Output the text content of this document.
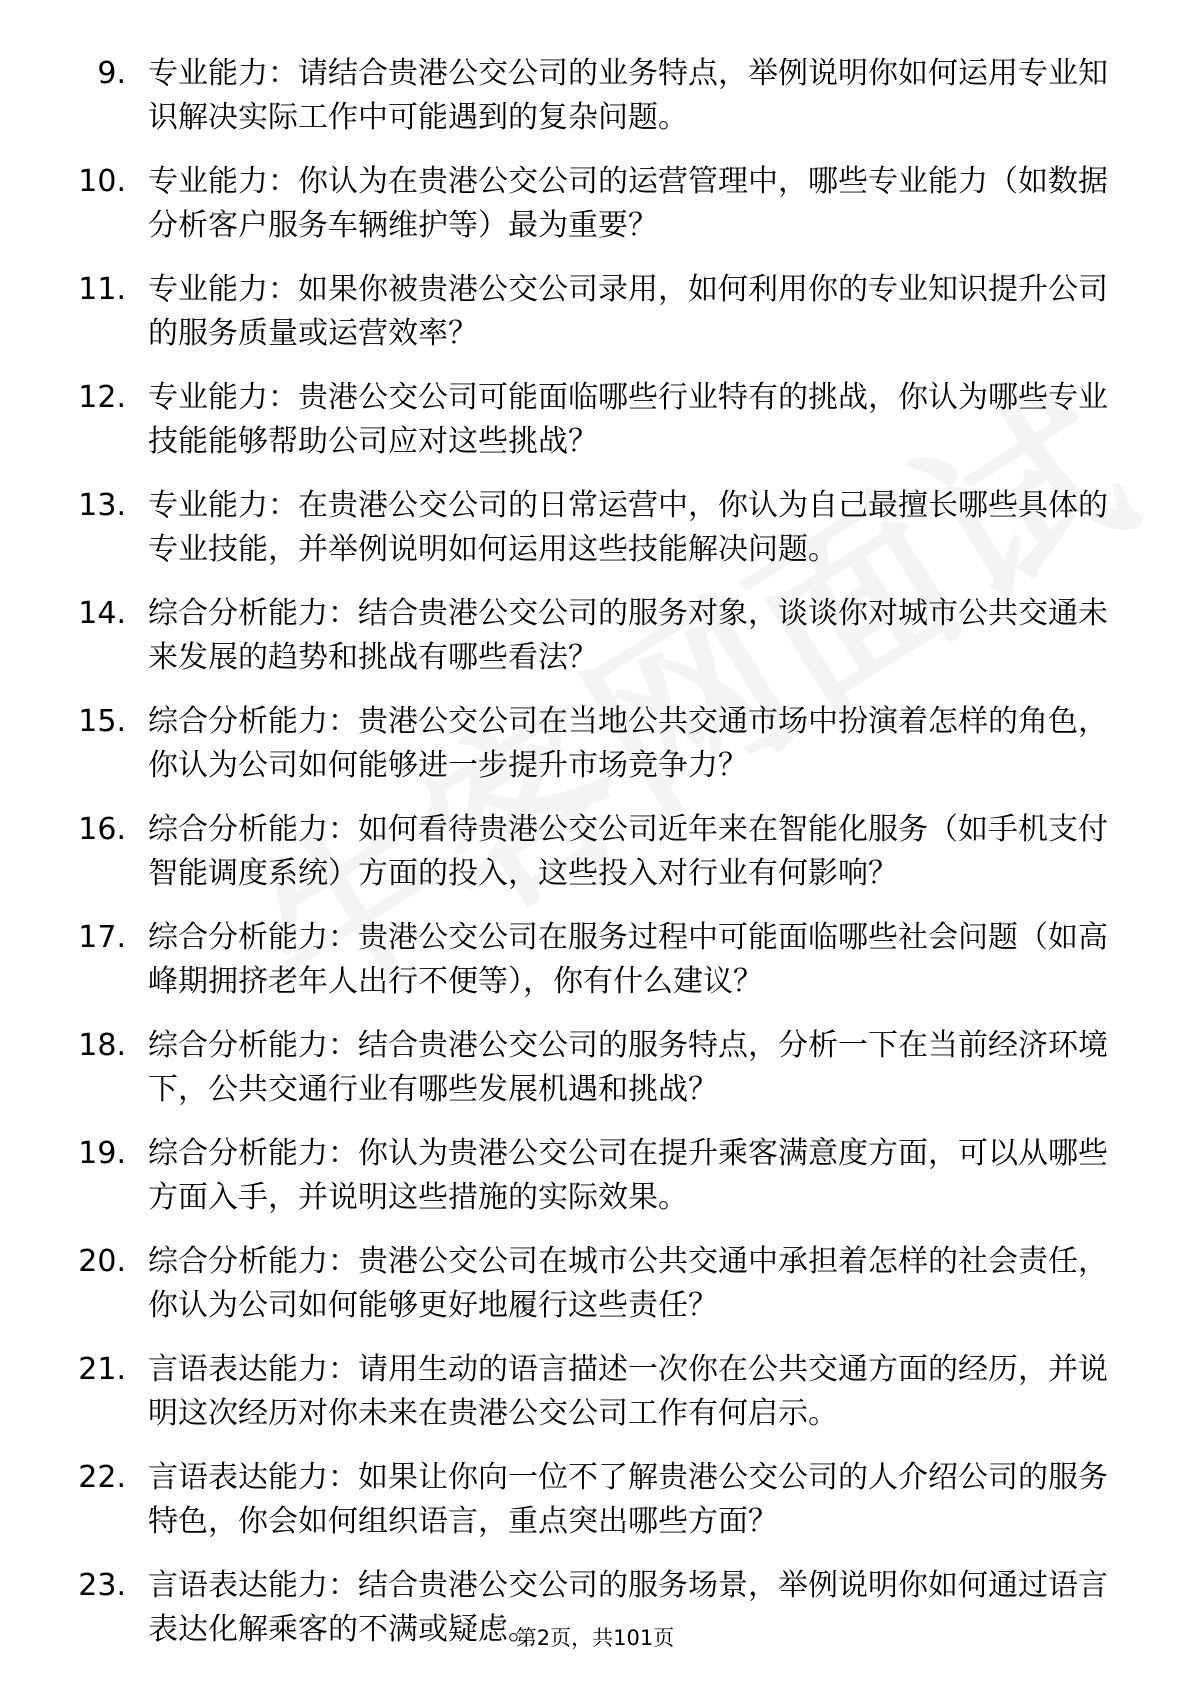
9. 专业能力：请结合贵港公交公司的业务特点，举例说明你如何运用专业知识解决实际工作中可能遇到的复杂问题。
10. 专业能力：你认为在贵港公交公司的运营管理中，哪些专业能力（如数据分析客户服务车辆维护等）最为重要？
11. 专业能力：如果你被贵港公交公司录用，如何利用你的专业知识提升公司的服务质量或运营效率？
12. 专业能力：贵港公交公司可能面临哪些行业特有的挑战，你认为哪些专业技能能够帮助公司应对这些挑战？
13. 专业能力：在贵港公交公司的日常运营中，你认为自己最擅长哪些具体的专业技能，并举例说明如何运用这些技能解决问题。
14. 综合分析能力：结合贵港公交公司的服务对象，谈谈你对城市公共交通未来发展的趋势和挑战有哪些看法？
15. 综合分析能力：贵港公交公司在当地公共交通市场中扮演着怎样的角色，你认为公司如何能够进一步提升市场竞争力？
16. 综合分析能力：如何看待贵港公交公司近年来在智能化服务（如手机支付智能调度系统）方面的投入，这些投入对行业有何影响？
17. 综合分析能力：贵港公交公司在服务过程中可能面临哪些社会问题（如高峰期拥挤老年人出行不便等），你有什么建议？
18. 综合分析能力：结合贵港公交公司的服务特点，分析一下在当前经济环境下，公共交通行业有哪些发展机遇和挑战？
19. 综合分析能力：你认为贵港公交公司在提升乘客满意度方面，可以从哪些方面入手，并说明这些措施的实际效果。
20. 综合分析能力：贵港公交公司在城市公共交通中承担着怎样的社会责任，你认为公司如何能够更好地履行这些责任？
21. 言语表达能力：请用生动的语言描述一次你在公共交通方面的经历，并说明这次经历对你未来在贵港公交公司工作有何启示。
22. 言语表达能力：如果让你向一位不了解贵港公交公司的人介绍公司的服务特色，你会如何组织语言，重点突出哪些方面？
23. 言语表达能力：结合贵港公交公司的服务场景，举例说明你如何通过语言表达化解乘客的不满或疑虑。
第2页，共101页
